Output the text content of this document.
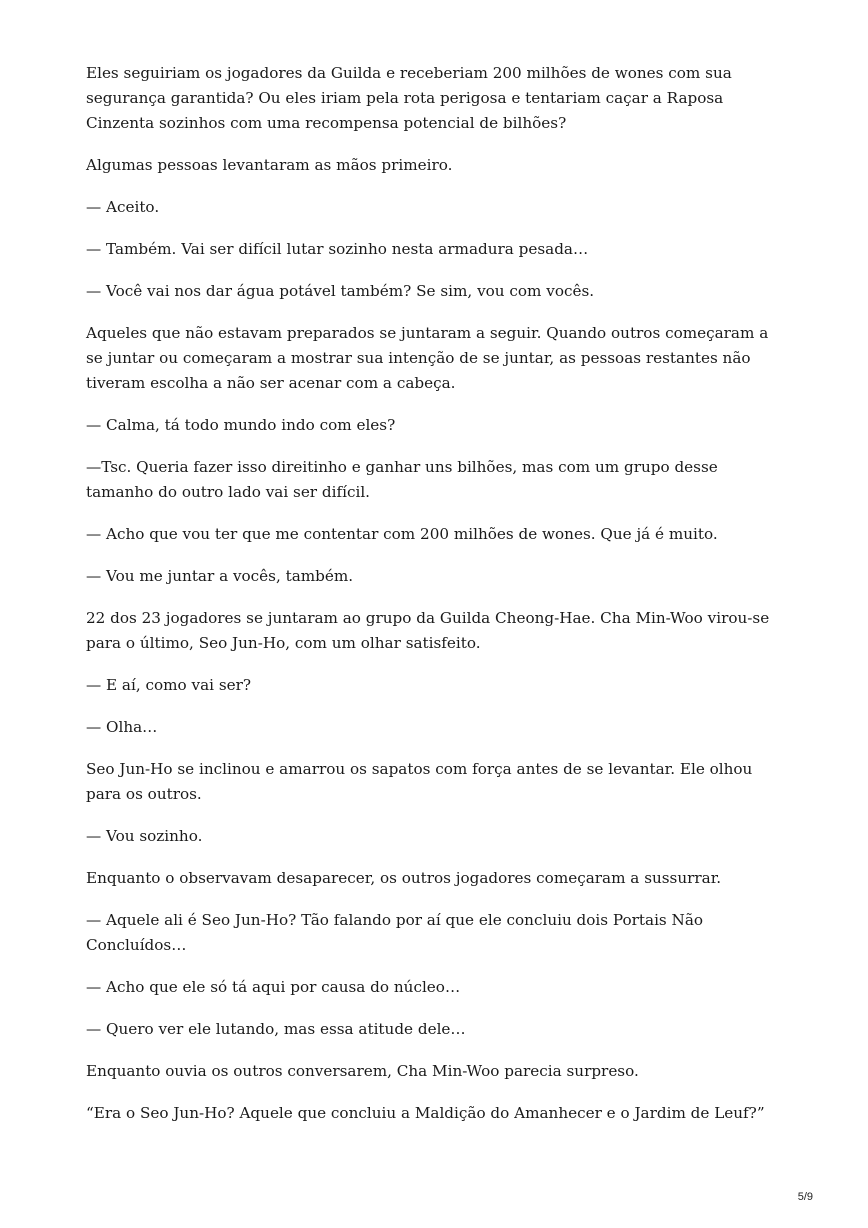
Eles seguiriam os jogadores da Guilda e receberiam 200 milhões de wones com sua segurança garantida? Ou eles iriam pela rota perigosa e tentariam caçar a Raposa Cinzenta sozinhos com uma recompensa potencial de bilhões?

Algumas pessoas levantaram as mãos primeiro.

— Aceito.

— Também. Vai ser difícil lutar sozinho nesta armadura pesada…

— Você vai nos dar água potável também? Se sim, vou com vocês.

Aqueles que não estavam preparados se juntaram a seguir. Quando outros começaram a se juntar ou começaram a mostrar sua intenção de se juntar, as pessoas restantes não tiveram escolha a não ser acenar com a cabeça.

— Calma, tá todo mundo indo com eles?

—Tsc. Queria fazer isso direitinho e ganhar uns bilhões, mas com um grupo desse tamanho do outro lado vai ser difícil.

— Acho que vou ter que me contentar com 200 milhões de wones. Que já é muito.

— Vou me juntar a vocês, também.

22 dos 23 jogadores se juntaram ao grupo da Guilda Cheong-Hae. Cha Min-Woo virou-se para o último, Seo Jun-Ho, com um olhar satisfeito.

— E aí, como vai ser?

— Olha…

Seo Jun-Ho se inclinou e amarrou os sapatos com força antes de se levantar. Ele olhou para os outros.

— Vou sozinho.

Enquanto o observavam desaparecer, os outros jogadores começaram a sussurrar.

— Aquele ali é Seo Jun-Ho? Tão falando por aí que ele concluiu dois Portais Não Concluídos…

— Acho que ele só tá aqui por causa do núcleo…

— Quero ver ele lutando, mas essa atitude dele…

Enquanto ouvia os outros conversarem, Cha Min-Woo parecia surpreso.

“Era o Seo Jun-Ho? Aquele que concluiu a Maldição do Amanhecer e o Jardim de Leuf?”

5/9
